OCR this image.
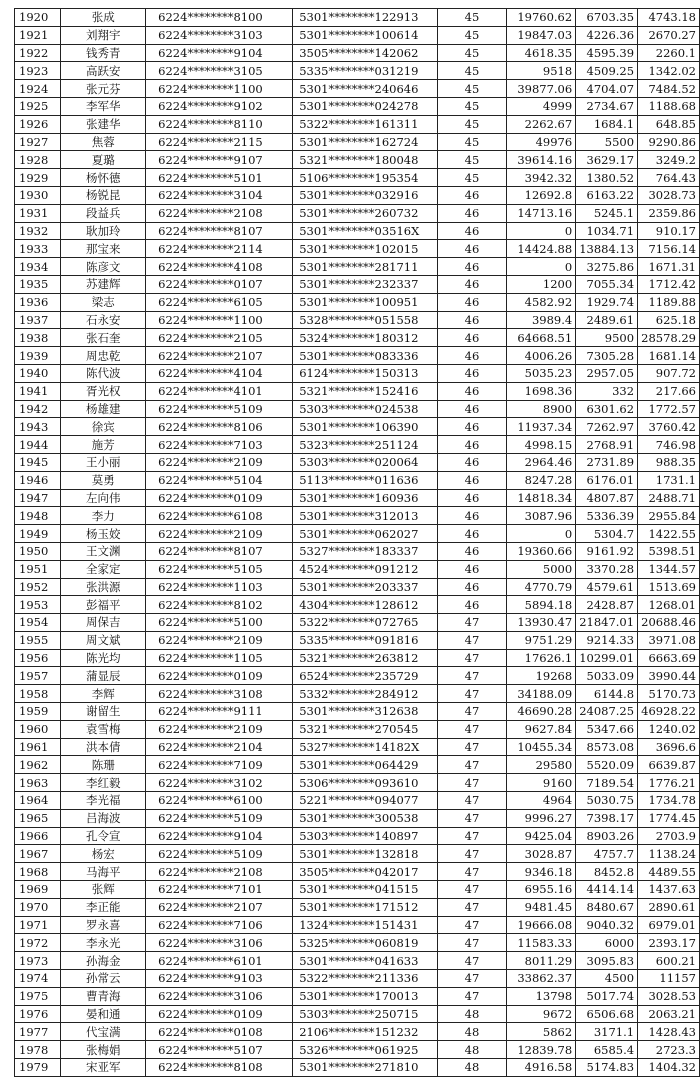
1920	张成	6224********8100	5301********122913	45	19760.62	6703.35	4743.18
1921	刘翔宇	6224********3103	5301********100614	45	19847.03	4226.36	2670.27
1922	钱秀青	6224********9104	3505********142062	45	4618.35	4595.39	2260.1
1923	高跃安	6224********3105	5335********031219	45	9518	4509.25	1342.02
1924	张元芬	6224********1100	5301********240646	45	39877.06	4704.07	7484.52
1925	李军华	6224********9102	5301********024278	45	4999	2734.67	1188.68
1926	张建华	6224********8110	5322********161311	45	2262.67	1684.1	648.85
1927	焦蓉	6224********2115	5301********162724	45	49976	5500	9290.86
1928	夏璐	6224********9107	5321********180048	45	39614.16	3629.17	3249.2
1929	杨怀德	6224********5101	5106********195354	45	3942.32	1380.52	764.43
1930	杨锐昆	6224********3104	5301********032916	46	12692.8	6163.22	3028.73
1931	段益兵	6224********2108	5301********260732	46	14713.16	5245.1	2359.86
1932	耿加玲	6224********8107	5301********03516X	46	0	1034.71	910.17
1933	那宝来	6224********2114	5301********102015	46	14424.88	13884.13	7156.14
1934	陈彦文	6224********4108	5301********281711	46	0	3275.86	1671.31
1935	苏建辉	6224********0107	5301********232337	46	1200	7055.34	1712.42
1936	梁志	6224********6105	5301********100951	46	4582.92	1929.74	1189.88
1937	石永安	6224********1100	5328********051558	46	3989.4	2489.61	625.18
1938	张石奎	6224********2105	5324********180312	46	64668.51	9500	28578.29
1939	周忠乾	6224********2107	5301********083336	46	4006.26	7305.28	1681.14
1940	陈代波	6224********4104	6124********150313	46	5035.23	2957.05	907.72
1941	胥光权	6224********4101	5321********152416	46	1698.36	332	217.66
1942	杨雄建	6224********5109	5303********024538	46	8900	6301.62	1772.57
1943	徐宾	6224********8106	5301********106390	46	11937.34	7262.97	3760.42
1944	施芳	6224********7103	5323********251124	46	4998.15	2768.91	746.98
1945	王小丽	6224********2109	5303********020064	46	2964.46	2731.89	988.35
1946	莫勇	6224********5104	5113********011636	46	8247.28	6176.01	1731.1
1947	左向伟	6224********0109	5301********160936	46	14818.34	4807.87	2488.71
1948	李力	6224********6108	5301********312013	46	3087.96	5336.39	2955.84
1949	杨玉姣	6224********2109	5301********062027	46	0	5304.7	1422.55
1950	王文渊	6224********8107	5327********183337	46	19360.66	9161.92	5398.51
1951	全家定	6224********5105	4524********091212	46	5000	3370.28	1344.57
1952	张洪源	6224********1103	5301********203337	46	4770.79	4579.61	1513.69
1953	彭福平	6224********8102	4304********128612	46	5894.18	2428.87	1268.01
1954	周保吉	6224********5100	5322********072765	47	13930.47	21847.01	20688.46
1955	周文斌	6224********2109	5335********091816	47	9751.29	9214.33	3971.08
1956	陈光均	6224********1105	5321********263812	47	17626.1	10299.01	6663.69
1957	蒲显辰	6224********0109	6524********235729	47	19268	5033.09	3990.44
1958	李辉	6224********3108	5332********284912	47	34188.09	6144.8	5170.73
1959	谢留生	6224********9111	5301********312638	47	46690.28	24087.25	46928.22
1960	袁雪梅	6224********2109	5321********270545	47	9627.84	5347.66	1240.02
1961	洪本倩	6224********2104	5327********14182X	47	10455.34	8573.08	3696.6
1962	陈珊	6224********7109	5301********064429	47	29580	5520.09	6639.87
1963	李红毅	6224********3102	5306********093610	47	9160	7189.54	1776.21
1964	李光福	6224********6100	5221********094077	47	4964	5030.75	1734.78
1965	吕海波	6224********5109	5301********300538	47	9996.27	7398.17	1774.45
1966	孔令宣	6224********9104	5303********140897	47	9425.04	8903.26	2703.9
1967	杨宏	6224********5109	5301********132818	47	3028.87	4757.7	1138.24
1968	马海平	6224********2108	3505********042017	47	9346.18	8452.8	4489.55
1969	张辉	6224********7101	5301********041515	47	6955.16	4414.14	1437.63
1970	李正能	6224********2107	5301********171512	47	9481.45	8480.67	2890.61
1971	罗永喜	6224********7106	1324********151431	47	19666.08	9040.32	6979.01
1972	李永光	6224********3106	5325********060819	47	11583.33	6000	2393.17
1973	孙海金	6224********6101	5301********041633	47	8011.29	3095.83	600.21
1974	孙常云	6224********9103	5322********211336	47	33862.37	4500	11157
1975	曹青海	6224********3106	5301********170013	47	13798	5017.74	3028.53
1976	晏和通	6224********0109	5303********250715	48	9672	6506.68	2063.21
1977	代宝满	6224********0108	2106********151232	48	5862	3171.1	1428.43
1978	张梅娟	6224********5107	5326********061925	48	12839.78	6585.4	2723.3
1979	宋亚军	6224********8108	5301********271810	48	4916.58	5174.83	1404.32
